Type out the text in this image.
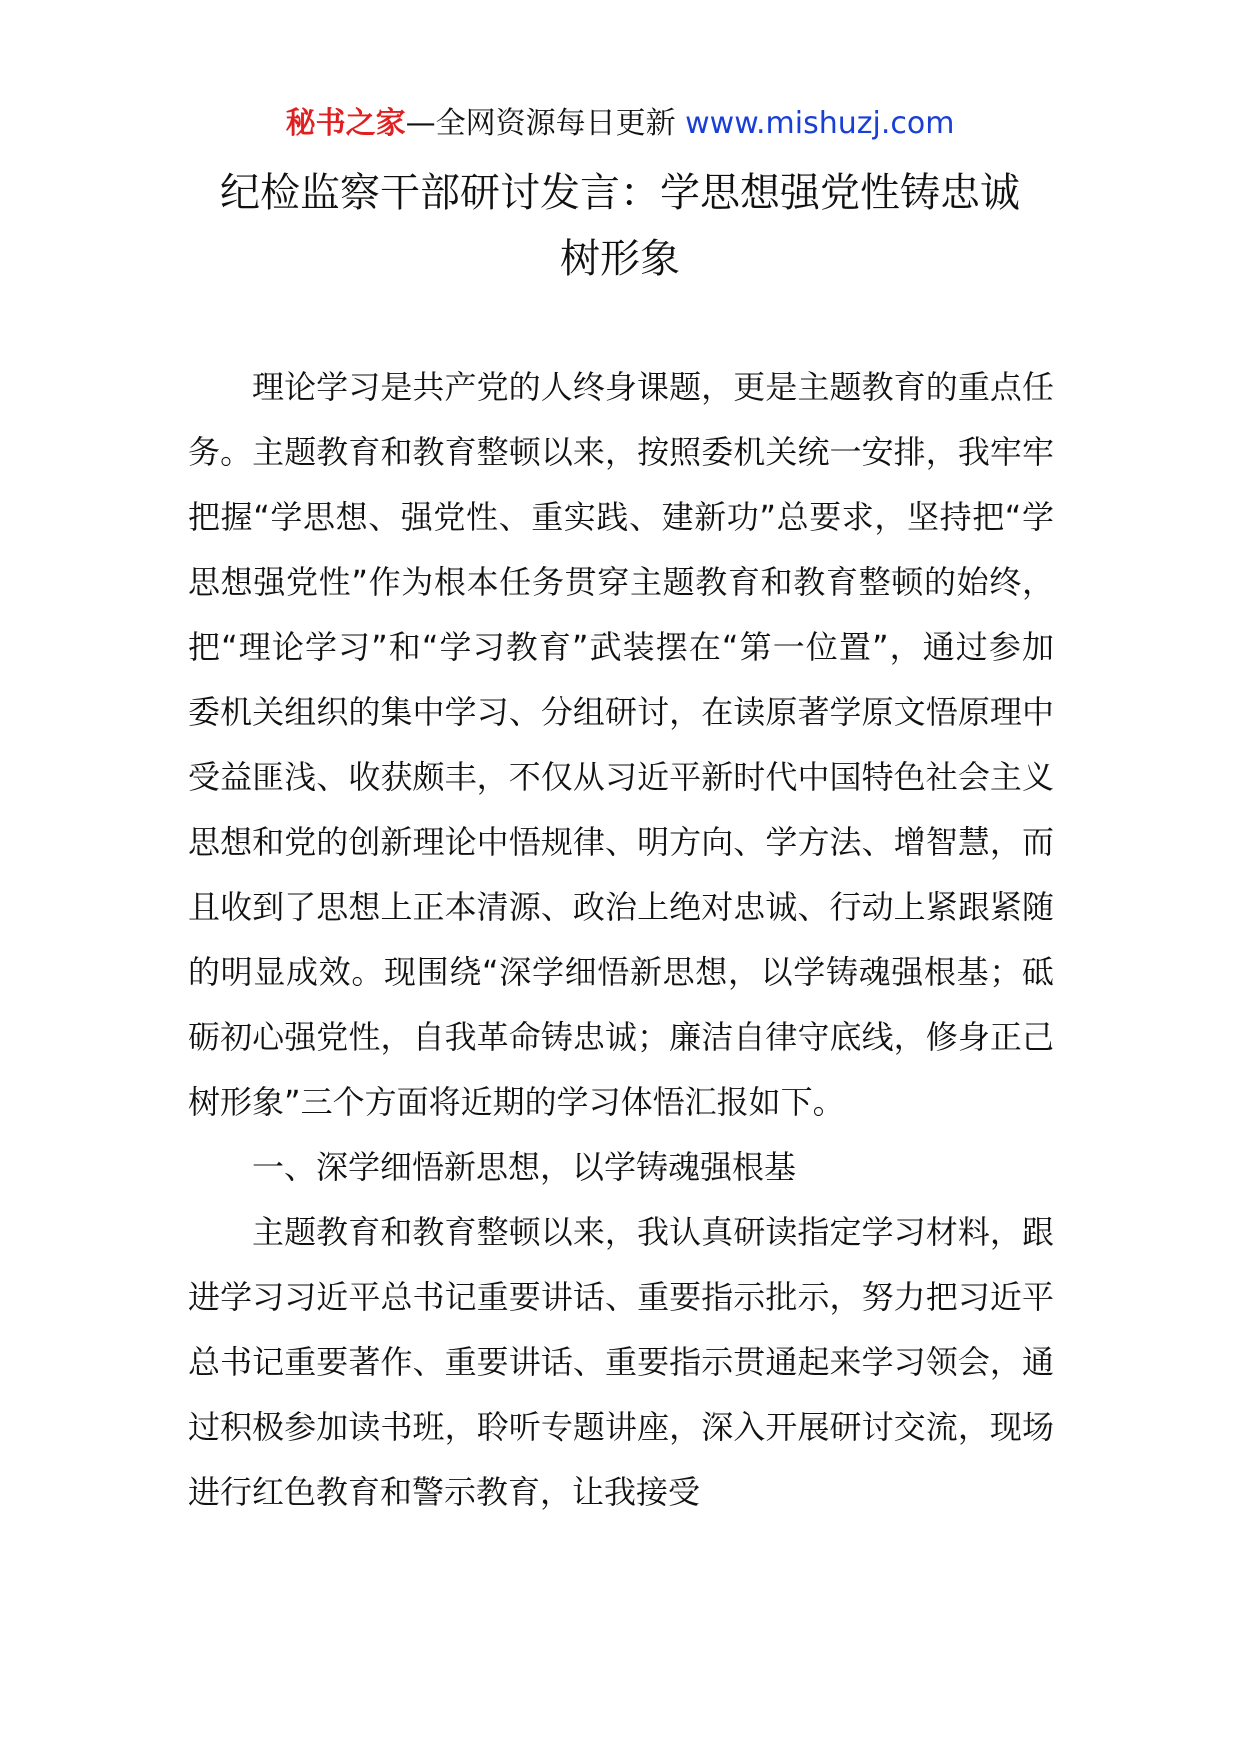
秘书之家—全网资源每日更新 www.mishuzj.com
纪检监察干部研讨发言：学思想强党性铸忠诚
树形象

理论学习是共产党的人终身课题，更是主题教育的重点任务。主题教育和教育整顿以来，按照委机关统一安排，我牢牢把握“学思想、强党性、重实践、建新功”总要求，坚持把“学思想强党性”作为根本任务贯穿主题教育和教育整顿的始终，把“理论学习”和“学习教育”武装摆在“第一位置”，通过参加委机关组织的集中学习、分组研讨，在读原著学原文悟原理中受益匪浅、收获颇丰，不仅从习近平新时代中国特色社会主义思想和党的创新理论中悟规律、明方向、学方法、增智慧，而且收到了思想上正本清源、政治上绝对忠诚、行动上紧跟紧随的明显成效。现围绕“深学细悟新思想，以学铸魂强根基；砥砺初心强党性，自我革命铸忠诚；廉洁自律守底线，修身正己树形象”三个方面将近期的学习体悟汇报如下。

一、深学细悟新思想，以学铸魂强根基

主题教育和教育整顿以来，我认真研读指定学习材料，跟进学习习近平总书记重要讲话、重要指示批示，努力把习近平总书记重要著作、重要讲话、重要指示贯通起来学习领会，通过积极参加读书班，聆听专题讲座，深入开展研讨交流，现场进行红色教育和警示教育，让我接受
